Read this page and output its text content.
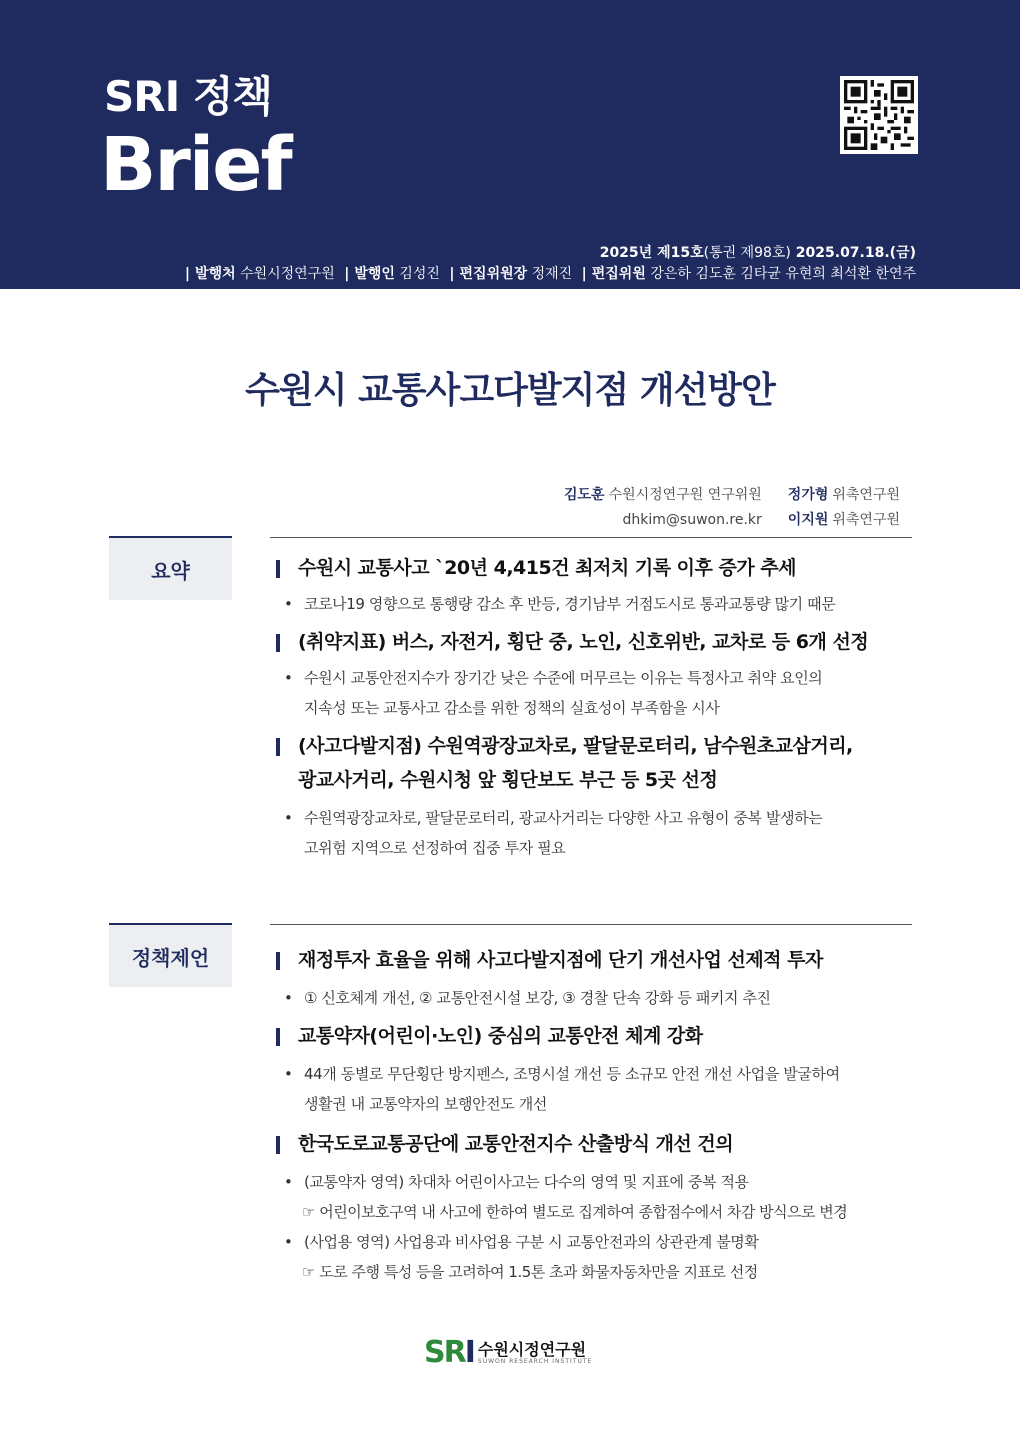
SRI 정책
Brief
2025년 제15호(통권 제98호) 2025.07.18.(금)
| 발행처 수원시정연구원 | 발행인 김성진 | 편집위원장 정재진 | 편집위원 강은하 김도훈 김타균 유현희 최석환 한연주
수원시 교통사고다발지점 개선방안
김도훈 수원시정연구원 연구위원 정가형 위촉연구원
dhkim@suwon.re.kr 이지원 위촉연구원
요약	수원시 교통사고 `20년 4,415건 최저치 기록 이후 증가 추세
• 코로나19 영향으로 통행량 감소 후 반등, 경기남부 거점도시로 통과교통량 많기 때문
(취약지표) 버스, 자전거, 횡단 중, 노인, 신호위반, 교차로 등 6개 선정
• 수원시 교통안전지수가 장기간 낮은 수준에 머무르는 이유는 특정사고 취약 요인의
지속성 또는 교통사고 감소를 위한 정책의 실효성이 부족함을 시사
(사고다발지점) 수원역광장교차로, 팔달문로터리, 남수원초교삼거리,
광교사거리, 수원시청 앞 횡단보도 부근 등 5곳 선정
• 수원역광장교차로, 팔달문로터리, 광교사거리는 다양한 사고 유형이 중복 발생하는
고위험 지역으로 선정하여 집중 투자 필요
정책제언	재정투자 효율을 위해 사고다발지점에 단기 개선사업 선제적 투자
• ① 신호체계 개선, ② 교통안전시설 보강, ③ 경찰 단속 강화 등 패키지 추진
교통약자(어린이·노인) 중심의 교통안전 체계 강화
• 44개 동별로 무단횡단 방지펜스, 조명시설 개선 등 소규모 안전 개선 사업을 발굴하여
생활권 내 교통약자의 보행안전도 개선
한국도로교통공단에 교통안전지수 산출방식 개선 건의
• (교통약자 영역) 차대차 어린이사고는 다수의 영역 및 지표에 중복 적용
☞ 어린이보호구역 내 사고에 한하여 별도로 집계하여 종합점수에서 차감 방식으로 변경
• (사업용 영역) 사업용과 비사업용 구분 시 교통안전과의 상관관계 불명확
☞ 도로 주행 특성 등을 고려하여 1.5톤 초과 화물자동차만을 지표로 선정
SRI 수원시정연구원
SUWON RESEARCH INSTITUTE
